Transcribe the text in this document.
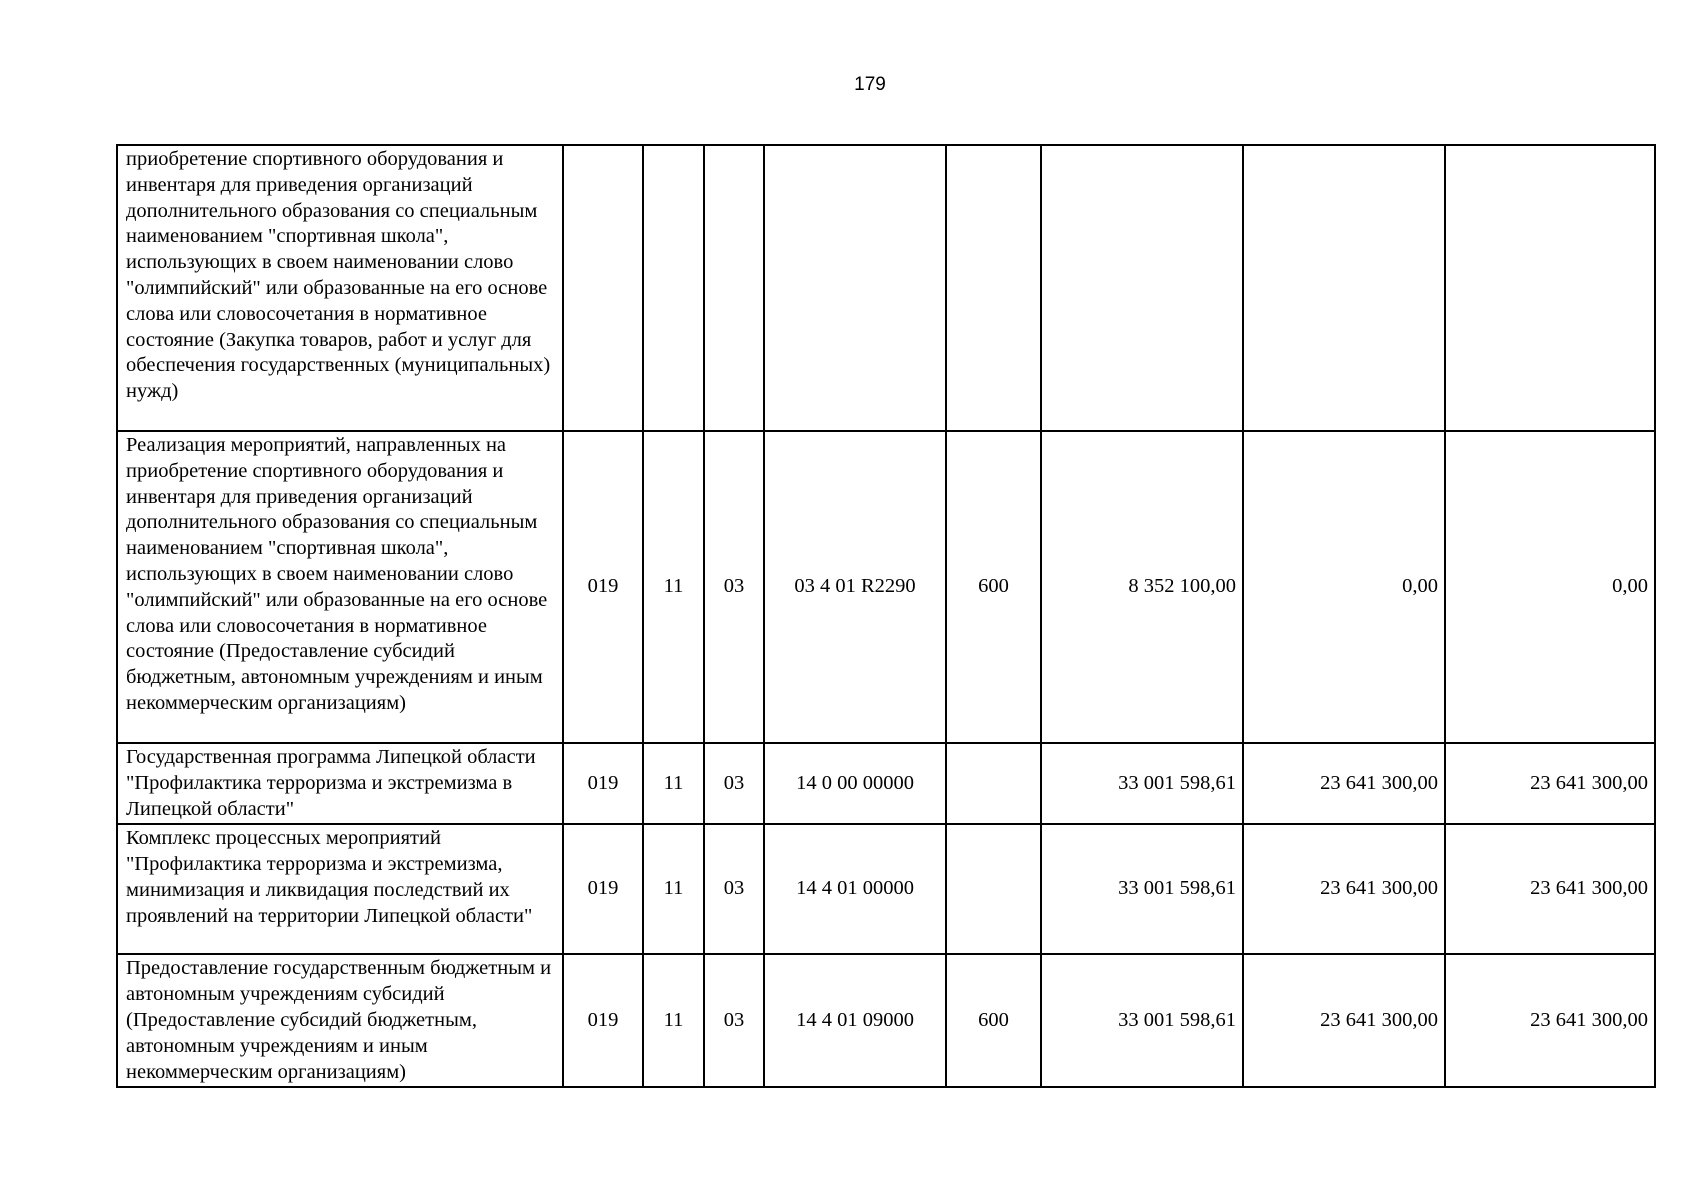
179
приобретение спортивного оборудования и инвентаря для приведения организаций дополнительного образования со специальным наименованием "спортивная школа", использующих в своем наименовании слово "олимпийский" или образованные на его основе слова или словосочетания в нормативное состояние (Закупка товаров, работ и услуг для обеспечения государственных (муниципальных) нужд)								
Реализация мероприятий, направленных на приобретение спортивного оборудования и инвентаря для приведения организаций дополнительного образования со специальным наименованием "спортивная школа", использующих в своем наименовании слово "олимпийский" или образованные на его основе слова или словосочетания в нормативное состояние (Предоставление субсидий бюджетным, автономным учреждениям и иным некоммерческим организациям)	019	11	03	03 4 01 R2290	600	8 352 100,00	0,00	0,00
Государственная программа Липецкой области "Профилактика терроризма и экстремизма в Липецкой области"	019	11	03	14 0 00 00000		33 001 598,61	23 641 300,00	23 641 300,00
Комплекс процессных мероприятий "Профилактика терроризма и экстремизма, минимизация и ликвидация последствий их проявлений на территории Липецкой области"	019	11	03	14 4 01 00000		33 001 598,61	23 641 300,00	23 641 300,00
Предоставление государственным бюджетным и автономным учреждениям субсидий (Предоставление субсидий бюджетным, автономным учреждениям и иным некоммерческим организациям)	019	11	03	14 4 01 09000	600	33 001 598,61	23 641 300,00	23 641 300,00
